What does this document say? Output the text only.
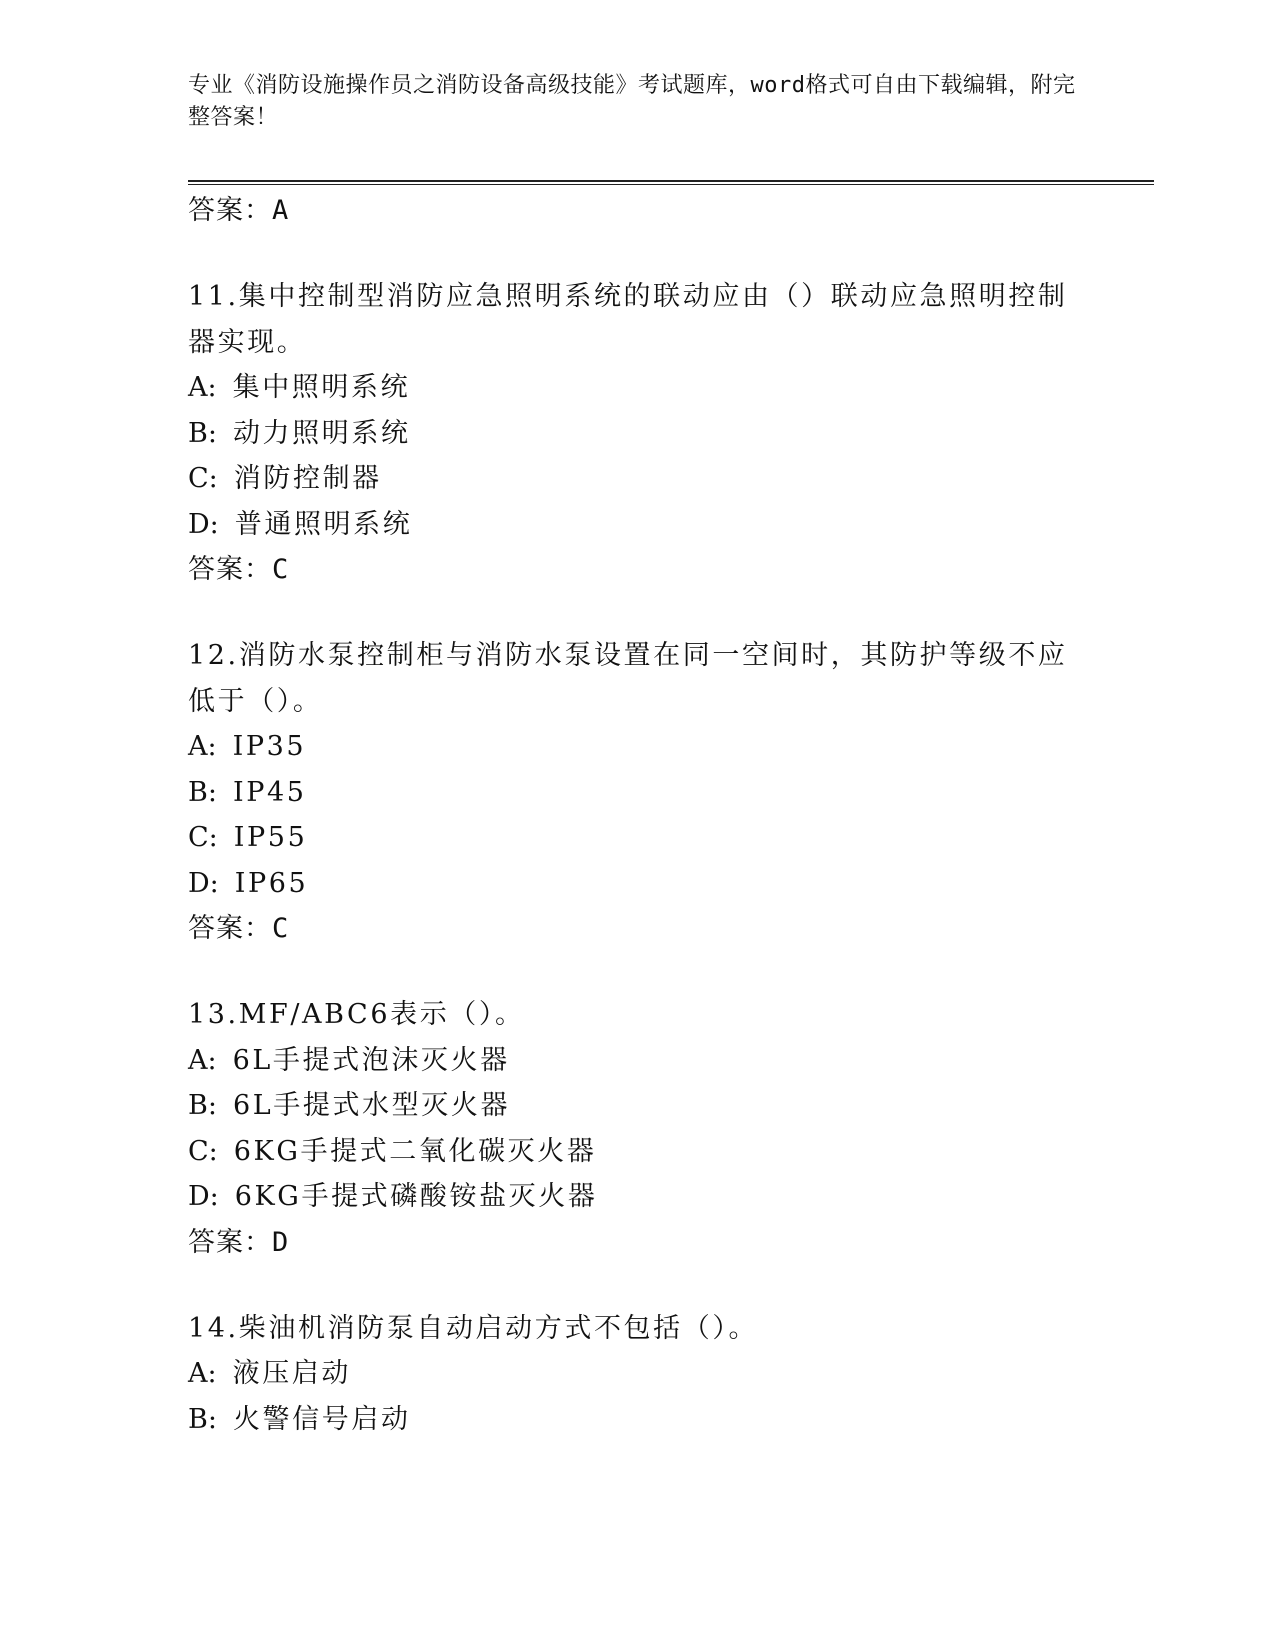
专业《消防设施操作员之消防设备高级技能》考试题库，word格式可自由下载编辑，附完整答案！
答案：A
11.集中控制型消防应急照明系统的联动应由（）联动应急照明控制器实现。
A: 集中照明系统
B: 动力照明系统
C: 消防控制器
D: 普通照明系统
答案：C
12.消防水泵控制柜与消防水泵设置在同一空间时，其防护等级不应低于（）。
A: IP35
B: IP45
C: IP55
D: IP65
答案：C
13.MF/ABC6表示（）。
A: 6L手提式泡沫灭火器
B: 6L手提式水型灭火器
C: 6KG手提式二氧化碳灭火器
D: 6KG手提式磷酸铵盐灭火器
答案：D
14.柴油机消防泵自动启动方式不包括（）。
A: 液压启动
B: 火警信号启动
